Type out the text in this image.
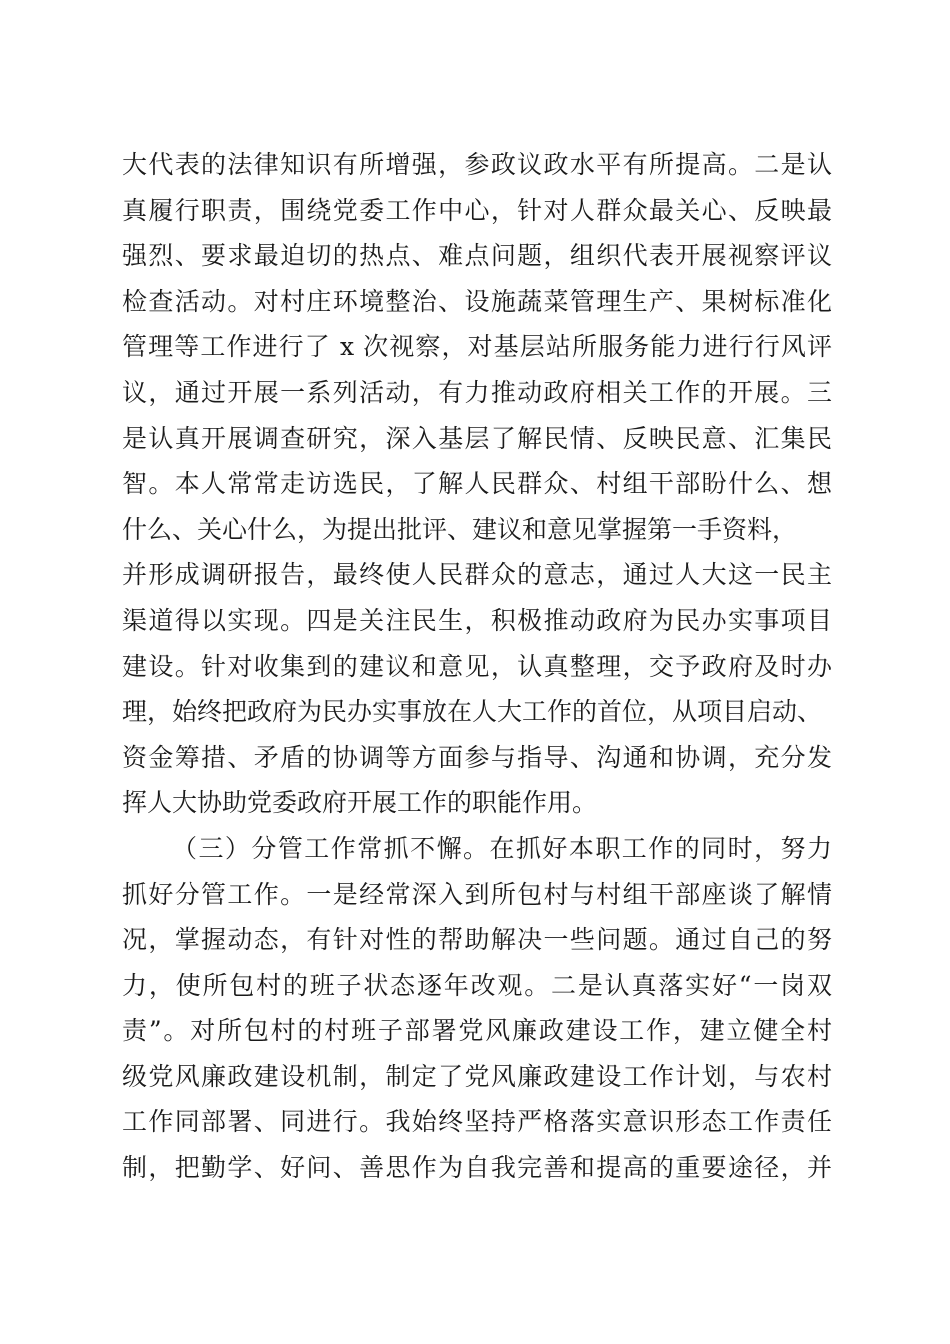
大代表的法律知识有所增强，参政议政水平有所提高。二是认
真履行职责，围绕党委工作中心，针对人群众最关心、反映最
强烈、要求最迫切的热点、难点问题，组织代表开展视察评议
检查活动。对村庄环境整治、设施蔬菜管理生产、果树标准化
管理等工作进行了 x 次视察，对基层站所服务能力进行行风评
议，通过开展一系列活动，有力推动政府相关工作的开展。三
是认真开展调查研究，深入基层了解民情、反映民意、汇集民
智。本人常常走访选民，了解人民群众、村组干部盼什么、想
什么、关心什么，为提出批评、建议和意见掌握第一手资料，
并形成调研报告，最终使人民群众的意志，通过人大这一民主
渠道得以实现。四是关注民生，积极推动政府为民办实事项目
建设。针对收集到的建议和意见，认真整理，交予政府及时办
理，始终把政府为民办实事放在人大工作的首位，从项目启动、
资金筹措、矛盾的协调等方面参与指导、沟通和协调，充分发
挥人大协助党委政府开展工作的职能作用。
（三）分管工作常抓不懈。在抓好本职工作的同时，努力
抓好分管工作。一是经常深入到所包村与村组干部座谈了解情
况，掌握动态，有针对性的帮助解决一些问题。通过自己的努
力，使所包村的班子状态逐年改观。二是认真落实好“一岗双
责”。对所包村的村班子部署党风廉政建设工作，建立健全村
级党风廉政建设机制，制定了党风廉政建设工作计划，与农村
工作同部署、同进行。我始终坚持严格落实意识形态工作责任
制，把勤学、好问、善思作为自我完善和提高的重要途径，并
